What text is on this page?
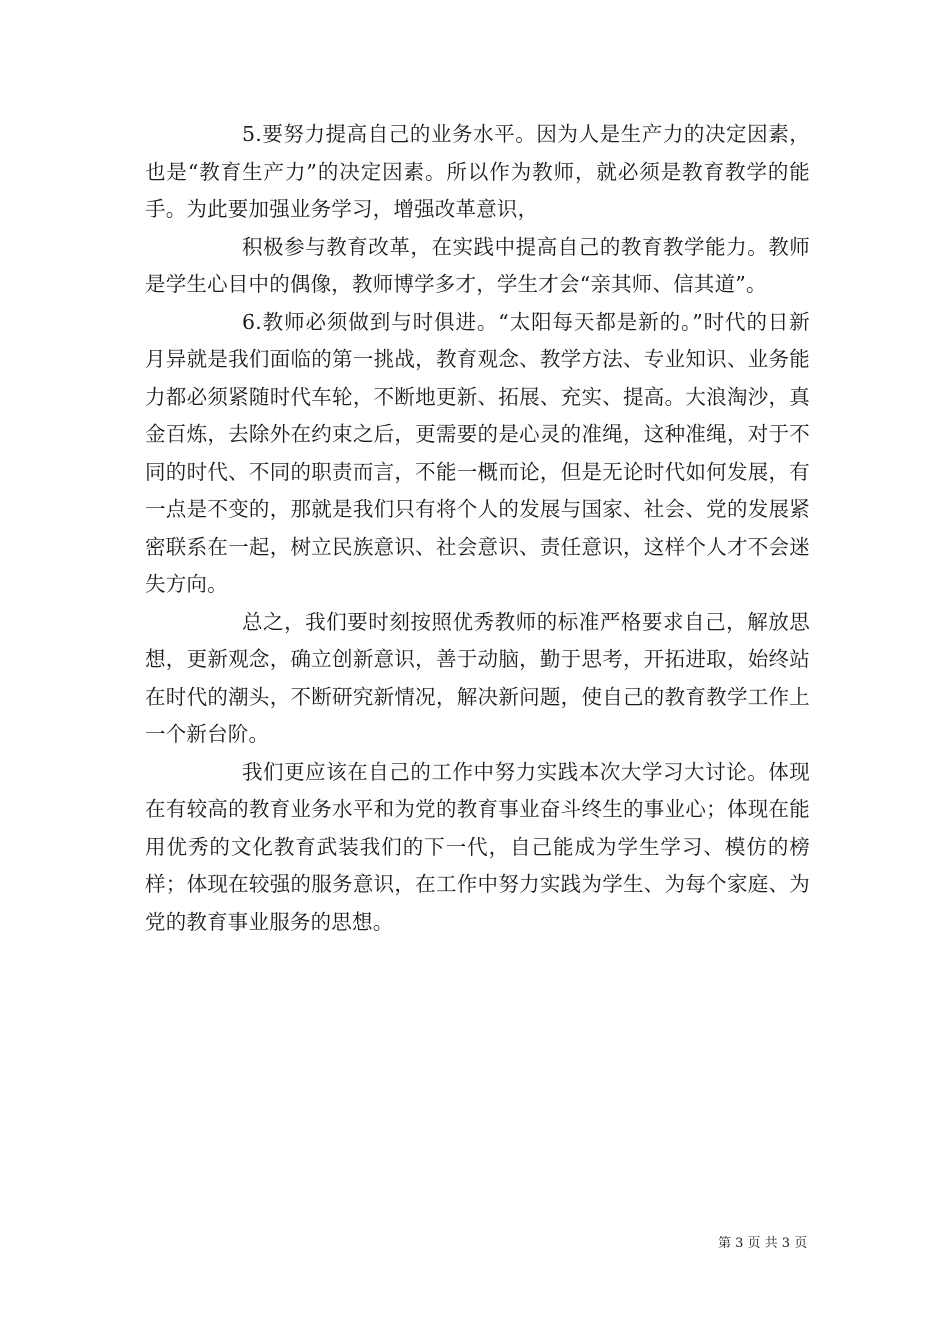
5.要努力提高自己的业务水平。因为人是生产力的决定因素，也是“教育生产力”的决定因素。所以作为教师，就必须是教育教学的能手。为此要加强业务学习，增强改革意识，

积极参与教育改革，在实践中提高自己的教育教学能力。教师是学生心目中的偶像，教师博学多才，学生才会“亲其师、信其道”。

6.教师必须做到与时俱进。“太阳每天都是新的。”时代的日新月异就是我们面临的第一挑战，教育观念、教学方法、专业知识、业务能力都必须紧随时代车轮，不断地更新、拓展、充实、提高。大浪淘沙，真金百炼，去除外在约束之后，更需要的是心灵的准绳，这种准绳，对于不同的时代、不同的职责而言，不能一概而论，但是无论时代如何发展，有一点是不变的，那就是我们只有将个人的发展与国家、社会、党的发展紧密联系在一起，树立民族意识、社会意识、责任意识，这样个人才不会迷失方向。

总之，我们要时刻按照优秀教师的标准严格要求自己，解放思想，更新观念，确立创新意识，善于动脑，勤于思考，开拓进取，始终站在时代的潮头，不断研究新情况，解决新问题，使自己的教育教学工作上一个新台阶。

我们更应该在自己的工作中努力实践本次大学习大讨论。体现在有较高的教育业务水平和为党的教育事业奋斗终生的事业心；体现在能用优秀的文化教育武装我们的下一代，自己能成为学生学习、模仿的榜样；体现在较强的服务意识，在工作中努力实践为学生、为每个家庭、为党的教育事业服务的思想。

第 3 页 共 3 页
